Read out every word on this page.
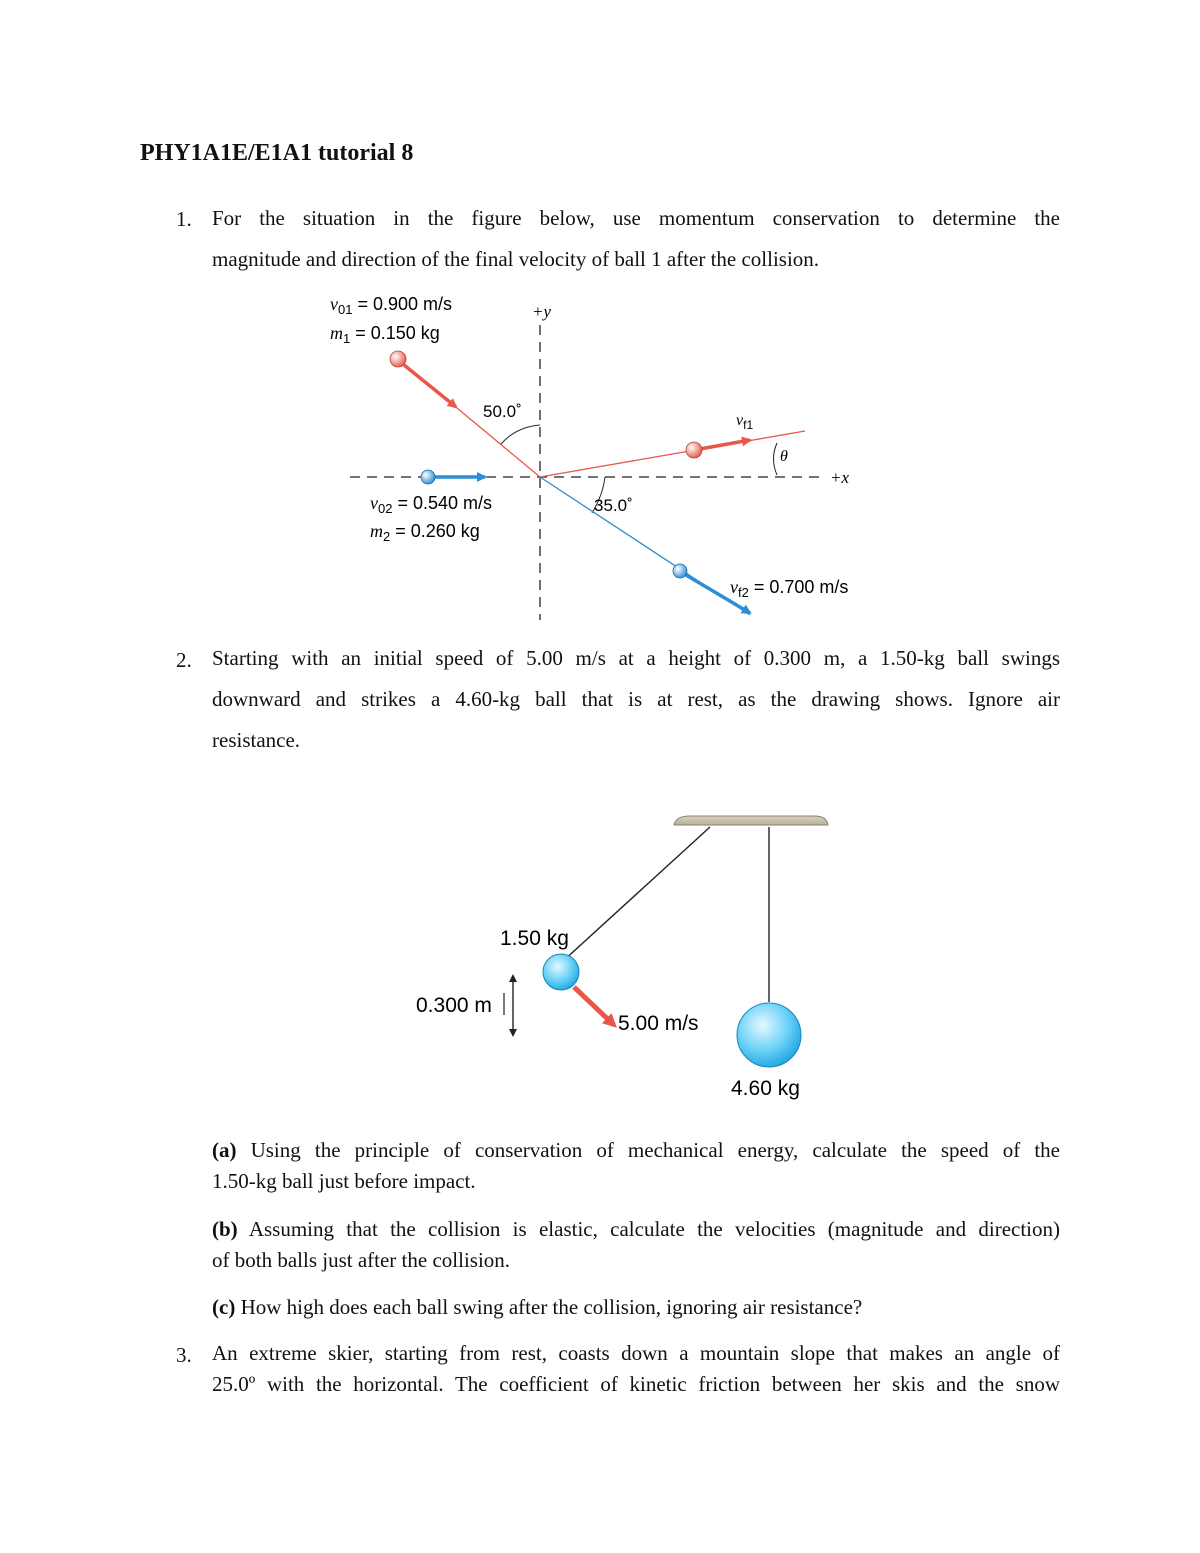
PHY1A1E/E1A1 tutorial 8
1. For the situation in the figure below, use momentum conservation to determine the
magnitude and direction of the final velocity of ball 1 after the collision.
+y
+x
$v_{01} = 0.900$ m/s
$m_1 = 0.150$ kg
50.0˚	$v_{f1}$
θ
$v_{02} = 0.540$ m/s
$m_2 = 0.260$ kg
35.0˚
$v_{f2} = 0.700$ m/s
2. Starting with an initial speed of 5.00 m/s at a height of 0.300 m, a 1.50-kg ball swings
downward and strikes a 4.60-kg ball that is at rest, as the drawing shows. Ignore air
resistance.
1.50 kg
0.300 m
5.00 m/s
4.60 kg
(a) Using the principle of conservation of mechanical energy, calculate the speed of the
1.50-kg ball just before impact.
(b) Assuming that the collision is elastic, calculate the velocities (magnitude and direction)
of both balls just after the collision.
(c) How high does each ball swing after the collision, ignoring air resistance?
3. An extreme skier, starting from rest, coasts down a mountain slope that makes an angle of
25.0º with the horizontal. The coefficient of kinetic friction between her skis and the snow
